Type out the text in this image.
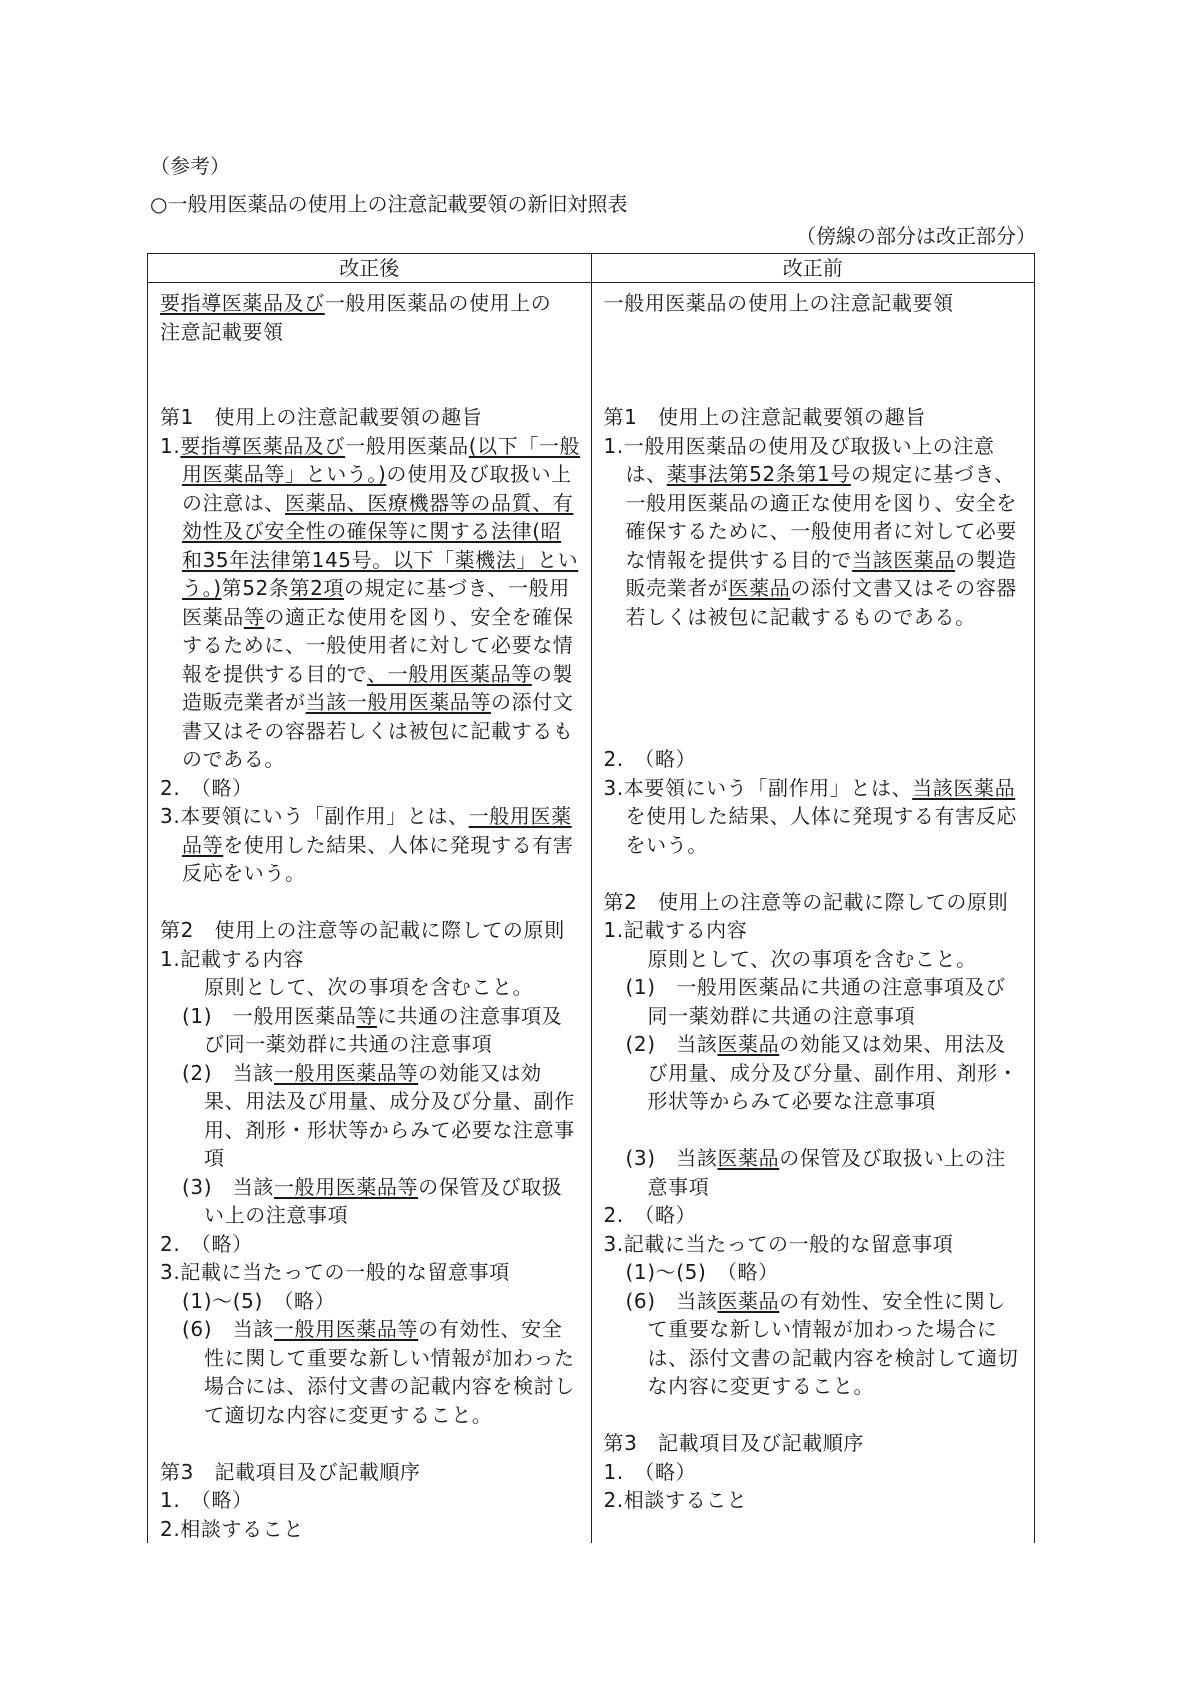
（参考）
○一般用医薬品の使用上の注意記載要領の新旧対照表
（傍線の部分は改正部分）
改正後	改正前

要指導医薬品及び一般用医薬品の使用上の
注意記載要領

第1　使用上の注意記載要領の趣旨

1.要指導医薬品及び一般用医薬品(以下「一般用医薬品等」という。)の使用及び取扱い上の注意は、医薬品、医療機器等の品質、有効性及び安全性の確保等に関する法律(昭和35年法律第145号。以下「薬機法」という。)第52条第2項の規定に基づき、一般用医薬品等の適正な使用を図り、安全を確保するために、一般使用者に対して必要な情報を提供する目的で、一般用医薬品等の製造販売業者が当該一般用医薬品等の添付文書又はその容器若しくは被包に記載するものである。

2.　（略）

3.本要領にいう「副作用」とは、一般用医薬品等を使用した結果、人体に発現する有害反応をいう。

第2　使用上の注意等の記載に際しての原則

1.記載する内容

原則として、次の事項を含むこと。

(1)　一般用医薬品等に共通の注意事項及び同一薬効群に共通の注意事項

(2)　当該一般用医薬品等の効能又は効果、用法及び用量、成分及び分量、副作用、剤形・形状等からみて必要な注意事項

(3)　当該一般用医薬品等の保管及び取扱い上の注意事項

2.　（略）

3.記載に当たっての一般的な留意事項

(1)～(5)　（略）

(6)　当該一般用医薬品等の有効性、安全性に関して重要な新しい情報が加わった場合には、添付文書の記載内容を検討して適切な内容に変更すること。

第3　記載項目及び記載順序

1.　（略）

2.相談すること

一般用医薬品の使用上の注意記載要領

第1　使用上の注意記載要領の趣旨

1.一般用医薬品の使用及び取扱い上の注意は、薬事法第52条第1号の規定に基づき、一般用医薬品の適正な使用を図り、安全を確保するために、一般使用者に対して必要な情報を提供する目的で当該医薬品の製造販売業者が医薬品の添付文書又はその容器若しくは被包に記載するものである。

2.　（略）

3.本要領にいう「副作用」とは、当該医薬品を使用した結果、人体に発現する有害反応をいう。

第2　使用上の注意等の記載に際しての原則

1.記載する内容

原則として、次の事項を含むこと。

(1)　一般用医薬品に共通の注意事項及び同一薬効群に共通の注意事項

(2)　当該医薬品の効能又は効果、用法及び用量、成分及び分量、副作用、剤形・形状等からみて必要な注意事項

(3)　当該医薬品の保管及び取扱い上の注意事項

2.　（略）

3.記載に当たっての一般的な留意事項

(1)～(5)　（略）

(6)　当該医薬品の有効性、安全性に関して重要な新しい情報が加わった場合には、添付文書の記載内容を検討して適切な内容に変更すること。

第3　記載項目及び記載順序

1.　（略）

2.相談すること
